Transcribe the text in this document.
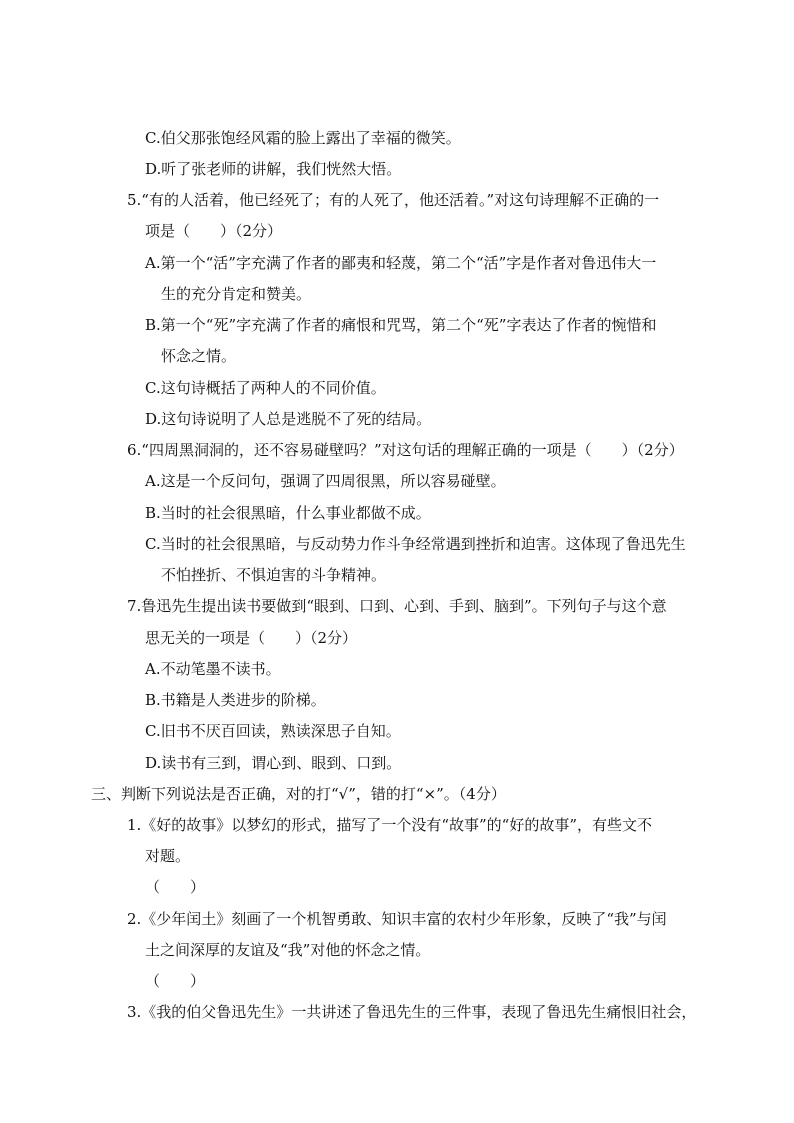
C.伯父那张饱经风霜的脸上露出了幸福的微笑。
D.听了张老师的讲解，我们恍然大悟。
5.“有的人活着，他已经死了；有的人死了，他还活着。”对这句诗理解不正确的一
项是（　　）（2分）
A.第一个“活”字充满了作者的鄙夷和轻蔑，第二个“活”字是作者对鲁迅伟大一
生的充分肯定和赞美。
B.第一个“死”字充满了作者的痛恨和咒骂，第二个“死”字表达了作者的惋惜和
怀念之情。
C.这句诗概括了两种人的不同价值。
D.这句诗说明了人总是逃脱不了死的结局。
6.“四周黑洞洞的，还不容易碰壁吗？”对这句话的理解正确的一项是（　　）（2分）
A.这是一个反问句，强调了四周很黑，所以容易碰壁。
B.当时的社会很黑暗，什么事业都做不成。
C.当时的社会很黑暗，与反动势力作斗争经常遇到挫折和迫害。这体现了鲁迅先生
不怕挫折、不惧迫害的斗争精神。
7.鲁迅先生提出读书要做到“眼到、口到、心到、手到、脑到”。下列句子与这个意
思无关的一项是（　　）（2分）
A.不动笔墨不读书。
B.书籍是人类进步的阶梯。
C.旧书不厌百回读，熟读深思子自知。
D.读书有三到，谓心到、眼到、口到。
三、判断下列说法是否正确，对的打“√”，错的打“×”。（4分）
1.《好的故事》以梦幻的形式，描写了一个没有“故事”的“好的故事”，有些文不
对题。
（　　）
2.《少年闰土》刻画了一个机智勇敢、知识丰富的农村少年形象，反映了“我”与闰
土之间深厚的友谊及“我”对他的怀念之情。
（　　）
3.《我的伯父鲁迅先生》一共讲述了鲁迅先生的三件事，表现了鲁迅先生痛恨旧社会，
